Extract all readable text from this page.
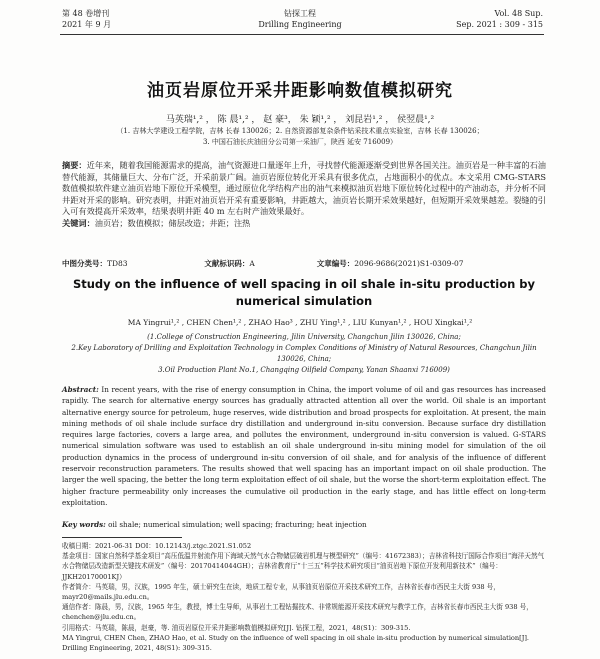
第 48 卷增刊
2021 年 9 月
钻探工程
Drilling Engineering
Vol. 48 Sup.
Sep. 2021 : 309 - 315
油页岩原位开采井距影响数值模拟研究
马英瑞¹,² ， 陈 晨¹,² ， 赵 豪³， 朱 颖¹,² ， 刘昆岩¹,² ， 侯翌晨¹,²
（1. 吉林大学建设工程学院，吉林 长春 130026；2. 自然资源部复杂条件钻采技术重点实验室，吉林 长春 130026；
3. 中国石油长庆油田分公司第一采油厂，陕西 延安 716009）
摘要：近年来，随着我国能源需求的提高，油气资源进口量逐年上升，寻找替代能源逐渐受到世界各国关注。油页岩是一种丰富的石油替代能源，其储量巨大、分布广泛，开采前景广阔。油页岩原位转化开采具有很多优点，占地面积小的优点。本文采用 CMG-STARS 数值模拟软件建立油页岩地下原位开采模型，通过原位化学结构产出的油气来模拟油页岩地下原位转化过程中的产油动态，并分析不同井距对开采的影响。研究表明，井距对油页岩开采有重要影响，井距越大，油页岩长期开采效果越好，但短期开采效果越差。裂缝的引入可有效提高开采效率，结果表明井距 40 m 左右时产油效果最好。
关键词：油页岩；数值模拟；储层改造；井距；注热
中图分类号：TD83	文献标识码：A	文章编号：2096-9686(2021)S1-0309-07
Study on the influence of well spacing in oil shale in-situ production by numerical simulation
MA Yingrui¹,² , CHEN Chen¹,² , ZHAO Hao³ , ZHU Ying¹,² , LIU Kunyan¹,² , HOU Xingkai¹,²
(1.College of Construction Engineering, Jilin University, Changchun Jilin 130026, China;
2.Key Laboratory of Drilling and Exploitation Technology in Complex Conditions of Ministry of Natural Resources, Changchun Jilin 130026, China;
3.Oil Production Plant No.1, Changqing Oilfield Company, Yanan Shaanxi 716009)
Abstract: In recent years, with the rise of energy consumption in China, the import volume of oil and gas resources has increased rapidly. The search for alternative energy sources has gradually attracted attention all over the world. Oil shale is an important alternative energy source for petroleum, huge reserves, wide distribution and broad prospects for exploitation. At present, the main mining methods of oil shale include surface dry distillation and underground in-situ conversion. Because surface dry distillation requires large factories, covers a large area, and pollutes the environment, underground in-situ conversion is valued. G-STARS numerical simulation software was used to establish an oil shale underground in-situ mining model for simulation of the oil production dynamics in the process of underground in-situ conversion of oil shale, and for analysis of the influence of different reservoir reconstruction parameters. The results showed that well spacing has an important impact on oil shale production. The larger the well spacing, the better the long term exploitation effect of oil shale, but the worse the short-term exploitation effect. The higher fracture permeability only increases the cumulative oil production in the early stage, and has little effect on long-term exploitation.
Key words: oil shale; numerical simulation; well spacing; fracturing; heat injection

收稿日期：2021-06-31 DOI：10.12143/j.ztgc.2021.S1.052

基金项目：国家自然科学基金项目“高压低温井射流作用下海域天然气水合物储层破岩机理与模型研究”（编号：41672383）；吉林省科技厅国际合作项目“海洋天然气水合物储层改造新型关键技术研发”（编号：20170414044GH）；吉林省教育厅“十三五”科学技术研究项目“油页岩地下原位开发利用新技术”（编号：JJKH20170001KJ）

作者简介：马英瑞，男，汉族，1995 年生，硕士研究生在读，地质工程专业，从事油页岩原位开采技术研究工作，吉林省长春市西民主大街 938 号，mayr20@mails.jlu.edu.cn。

通信作者：陈晨，男，汉族，1965 年生，教授，博士生导师，从事岩土工程钻掘技术、非常规能源开采技术研究与教学工作，吉林省长春市西民主大街 938 号，chenchen@jlu.edu.cn。

引用格式：马英瑞，陈晨，赵豪，等. 油页岩原位开采井距影响数值模拟研究[J]. 钻探工程，2021，48(S1)：309-315.

MA Yingrui, CHEN Chen, ZHAO Hao, et al. Study on the influence of well spacing in oil shale in-situ production by numerical simulation[J]. Drilling Engineering, 2021, 48(S1): 309-315.
